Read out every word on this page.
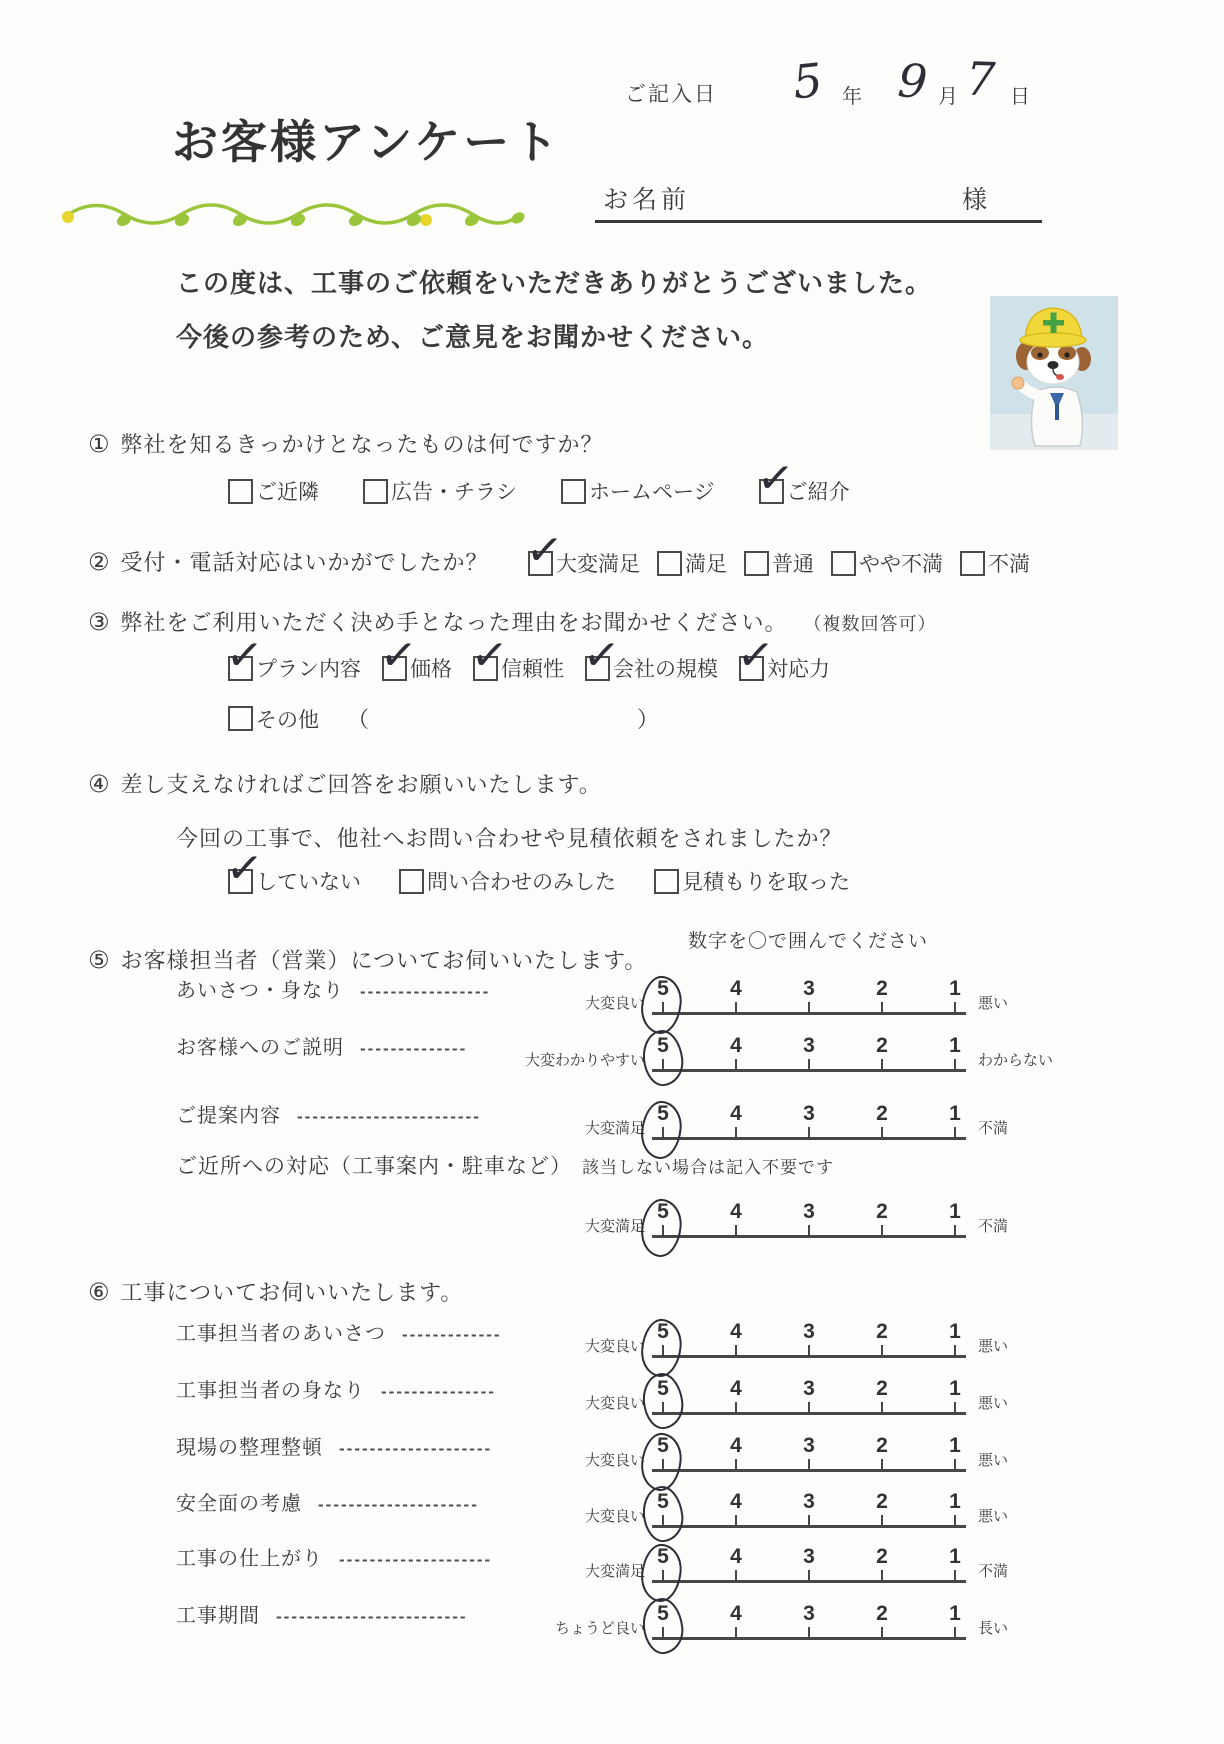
ご記入日 5 年 9 月 7 日
お客様アンケート
お名前	様
この度は、工事のご依頼をいただきありがとうございました。
今後の参考のため、ご意見をお聞かせください。
① 弊社を知るきっかけとなったものは何ですか？
ご近隣	広告・チラシ	ホームページ ✓	ご紹介
② 受付・電話対応はいかがでしたか？ ✓	大変満足 満足 普通 やや不満 不満
③ 弊社をご利用いただく決め手となった理由をお聞かせください。 （複数回答可）
✓
プラン内容 ✓ 価格 ✓ 信頼性 ✓ 会社の規模 ✓ 対応力
その他 （	）
④ 差し支えなければご回答をお願いいたします。
今回の工事で、他社へお問い合わせや見積依頼をされましたか？
✓
していない	問い合わせのみした	見積もりを取った
数字を〇で囲んでください
⑤ お客様担当者（営業）についてお伺いいたします。
あいさつ・身なり -----------------
大変良い
5	4	3	2	1
悪い
お客様へのご説明 --------------
大変わかりやすい
5	4	3	2	1
わからない
ご提案内容 ------------------------
大変満足
5	4	3	2	1
不満
ご近所への対応（工事案内・駐車など） 該当しない場合は記入不要です
大変満足
5	4	3	2	1
不満
⑥ 工事についてお伺いいたします。
工事担当者のあいさつ -------------
大変良い
5	4	3	2	1
悪い
工事担当者の身なり ---------------
大変良い
5	4	3	2	1
悪い
現場の整理整頓 --------------------
大変良い
5	4	3	2	1
悪い
安全面の考慮 ---------------------
大変良い
5	4	3	2	1
悪い
工事の仕上がり --------------------
大変満足
5	4	3	2	1
不満
工事期間 -------------------------
ちょうど良い
5	4	3	2	1
長い
